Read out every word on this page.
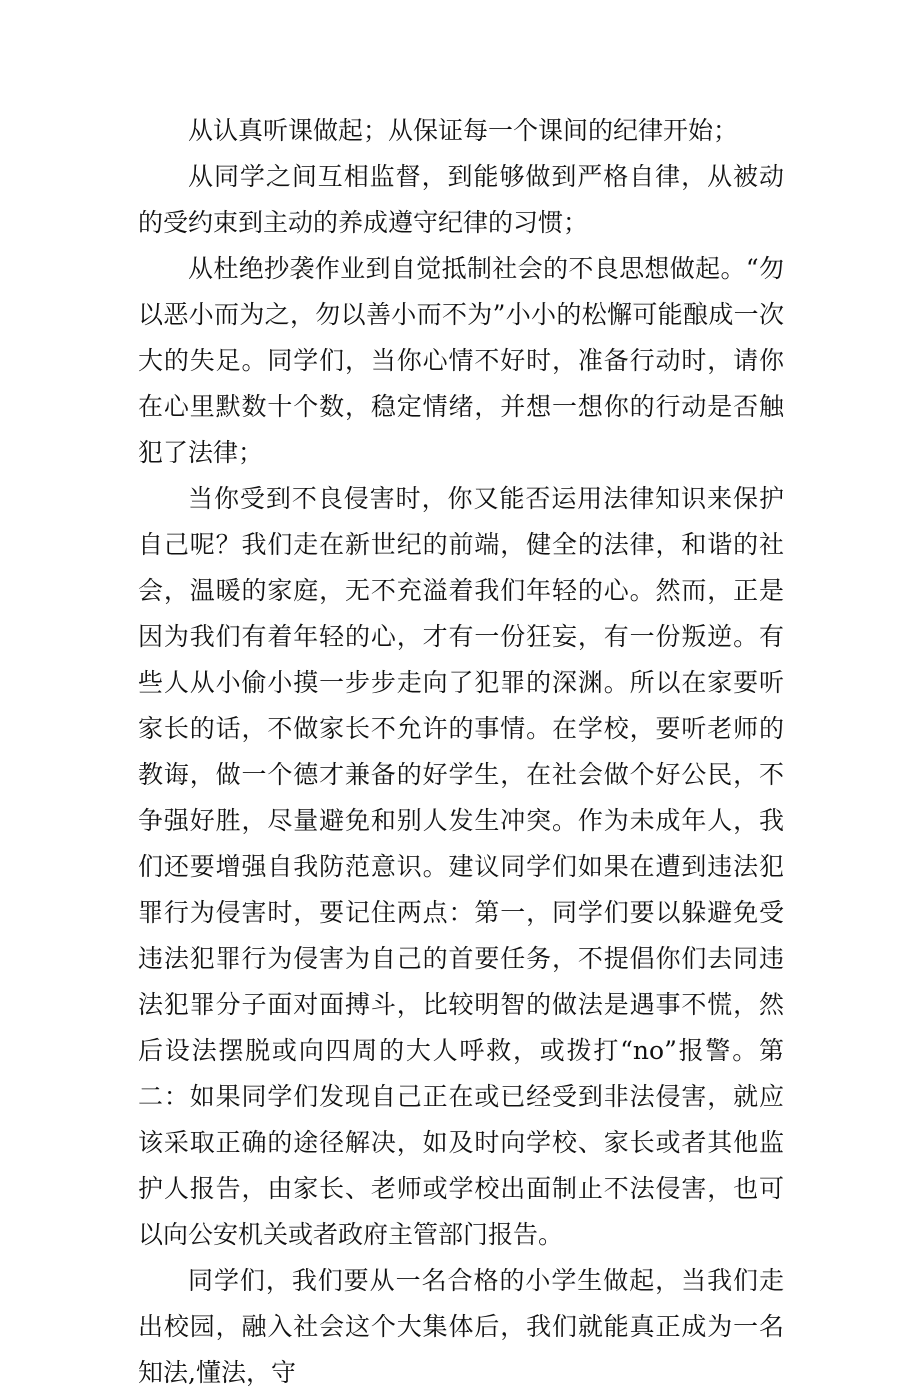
从认真听课做起；从保证每一个课间的纪律开始；

从同学之间互相监督，到能够做到严格自律，从被动的受约束到主动的养成遵守纪律的习惯；

从杜绝抄袭作业到自觉抵制社会的不良思想做起。“勿以恶小而为之，勿以善小而不为”小小的松懈可能酿成一次大的失足。同学们，当你心情不好时，准备行动时，请你在心里默数十个数，稳定情绪，并想一想你的行动是否触犯了法律；

当你受到不良侵害时，你又能否运用法律知识来保护自己呢？我们走在新世纪的前端，健全的法律，和谐的社会，温暖的家庭，无不充溢着我们年轻的心。然而，正是因为我们有着年轻的心，才有一份狂妄，有一份叛逆。有些人从小偷小摸一步步走向了犯罪的深渊。所以在家要听家长的话，不做家长不允许的事情。在学校，要听老师的教诲，做一个德才兼备的好学生，在社会做个好公民，不争强好胜，尽量避免和别人发生冲突。作为未成年人，我们还要增强自我防范意识。建议同学们如果在遭到违法犯罪行为侵害时，要记住两点：第一，同学们要以躲避免受违法犯罪行为侵害为自己的首要任务，不提倡你们去同违法犯罪分子面对面搏斗，比较明智的做法是遇事不慌，然后设法摆脱或向四周的大人呼救，或拨打“no”报警。第二：如果同学们发现自己正在或已经受到非法侵害，就应该采取正确的途径解决，如及时向学校、家长或者其他监护人报告，由家长、老师或学校出面制止不法侵害，也可以向公安机关或者政府主管部门报告。

同学们，我们要从一名合格的小学生做起，当我们走出校园，融入社会这个大集体后，我们就能真正成为一名知法,懂法，守
